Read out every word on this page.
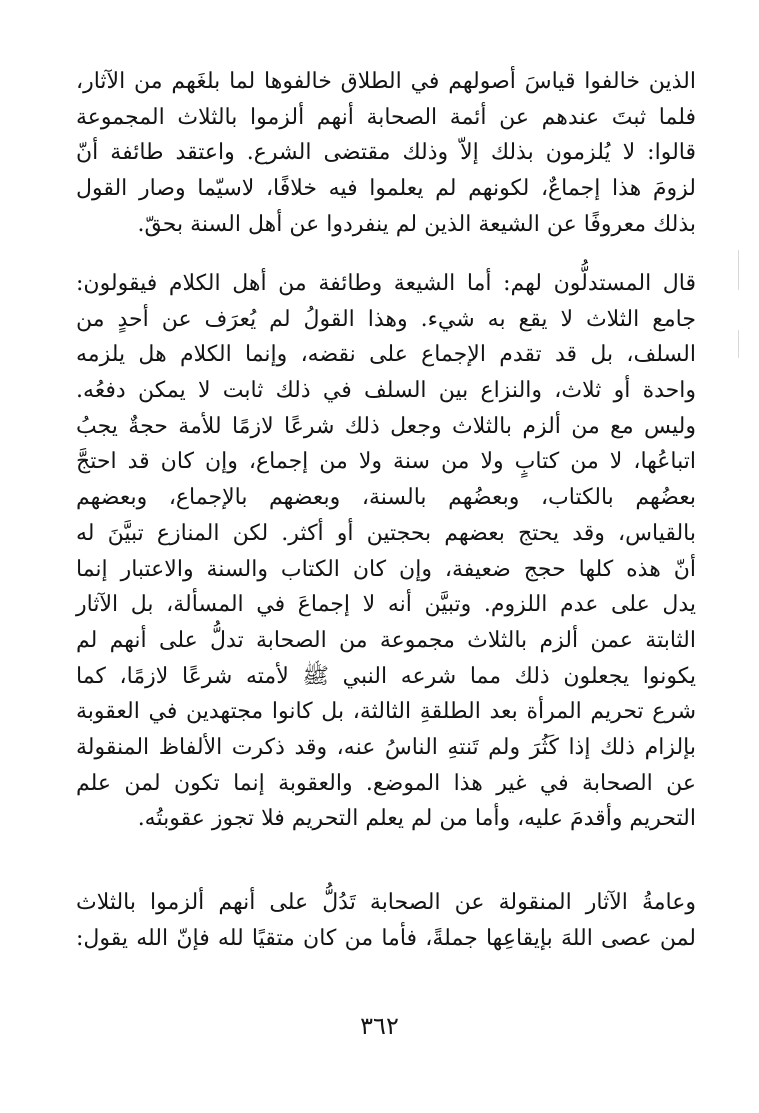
الذين خالفوا قياسَ أصولهم في الطلاق خالفوها لما بلغَهم من الآثار،
فلما ثبتَ عندهم عن أئمة الصحابة أنهم ألزموا بالثلاث المجموعة
قالوا: لا يُلزمون بذلك إلاّ وذلك مقتضى الشرع. واعتقد طائفة أنّ
لزومَ هذا إجماعٌ، لكونهم لم يعلموا فيه خلافًا، لاسيّما وصار القول
بذلك معروفًا عن الشيعة الذين لم ينفردوا عن أهل السنة بحقّ.
قال المستدلُّون لهم: أما الشيعة وطائفة من أهل الكلام فيقولون:
جامع الثلاث لا يقع به شيء. وهذا القولُ لم يُعرَف عن أحدٍ من
السلف، بل قد تقدم الإجماع على نقضه، وإنما الكلام هل يلزمه
واحدة أو ثلاث، والنزاع بين السلف في ذلك ثابت لا يمكن دفعُه.
وليس مع من ألزم بالثلاث وجعل ذلك شرعًا لازمًا للأمة حجةٌ يجبُ
اتباعُها، لا من كتابٍ ولا من سنة ولا من إجماع، وإن كان قد احتجَّ
بعضُهم بالكتاب، وبعضُهم بالسنة، وبعضهم بالإجماع، وبعضهم
بالقياس، وقد يحتج بعضهم بحجتين أو أكثر. لكن المنازع تبيَّنَ له
أنّ هذه كلها حجج ضعيفة، وإن كان الكتاب والسنة والاعتبار إنما
يدل على عدم اللزوم. وتبيَّن أنه لا إجماعَ في المسألة، بل الآثار
الثابتة عمن ألزم بالثلاث مجموعة من الصحابة تدلُّ على أنهم لم
يكونوا يجعلون ذلك مما شرعه النبي ﷺ لأمته شرعًا لازمًا، كما
شرع تحريم المرأة بعد الطلقةِ الثالثة، بل كانوا مجتهدين في العقوبة
بإلزام ذلك إذا كَثُرَ ولم تَنتهِ الناسُ عنه، وقد ذكرت الألفاظ المنقولة
عن الصحابة في غير هذا الموضع. والعقوبة إنما تكون لمن علم
التحريم وأقدمَ عليه، وأما من لم يعلم التحريم فلا تجوز عقوبتُه.
وعامةُ الآثار المنقولة عن الصحابة تَدُلُّ على أنهم ألزموا بالثلاث
لمن عصى اللهَ بإيقاعِها جملةً، فأما من كان متقيًا لله فإنّ الله يقول:
٣٦٢
